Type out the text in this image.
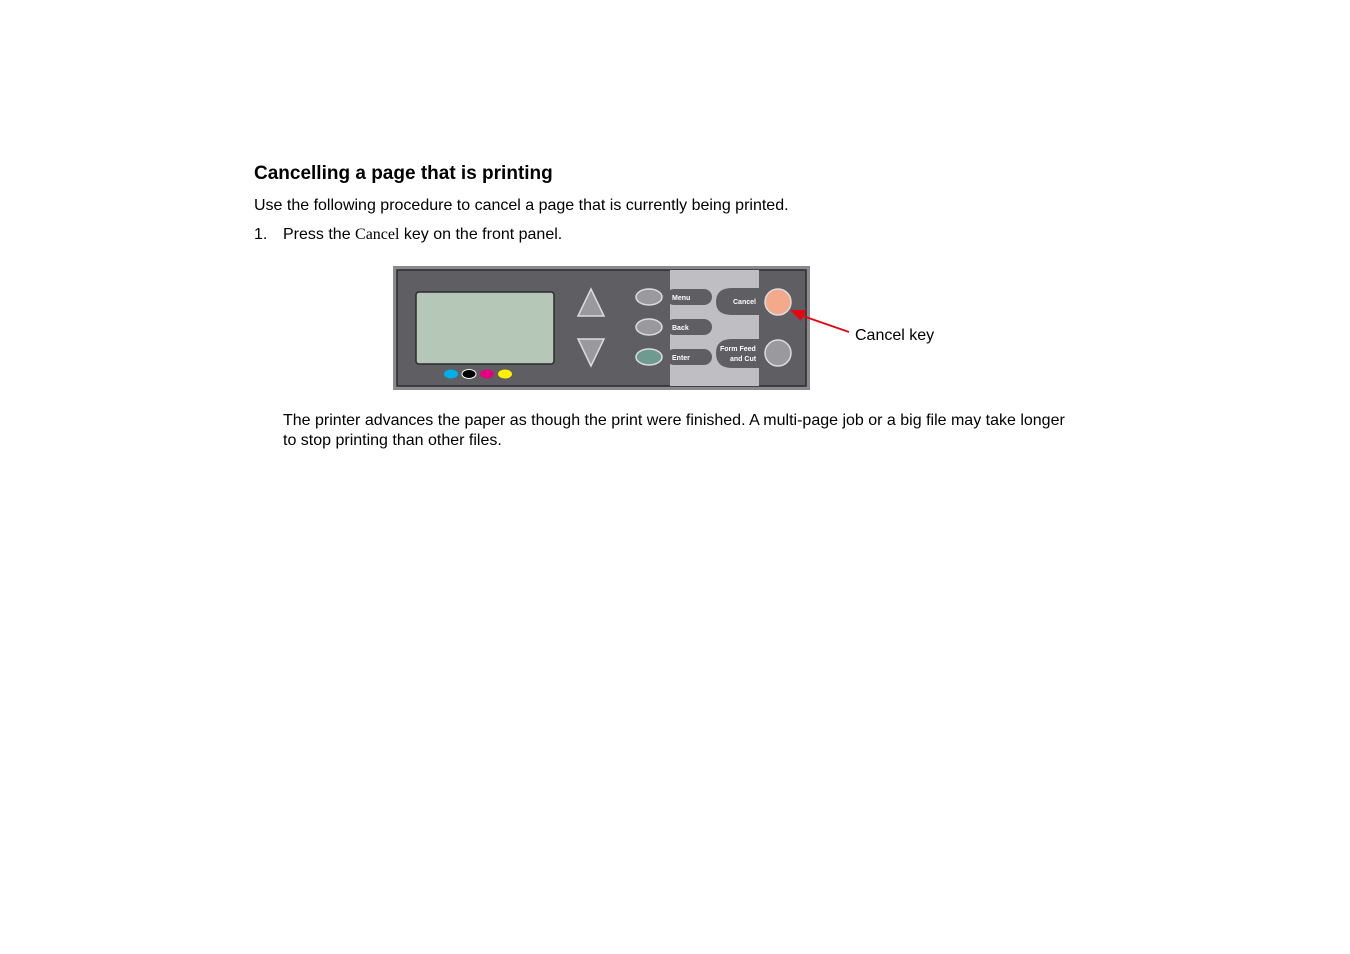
Cancelling a page that is printing
Use the following procedure to cancel a page that is currently being printed.
1. Press the Cancel key on the front panel.
Menu
Back
Enter
Cancel
Form Feed
and Cut
Cancel key
The printer advances the paper as though the print were finished. A multi-page job or a big file may take longer to stop printing than other files.
